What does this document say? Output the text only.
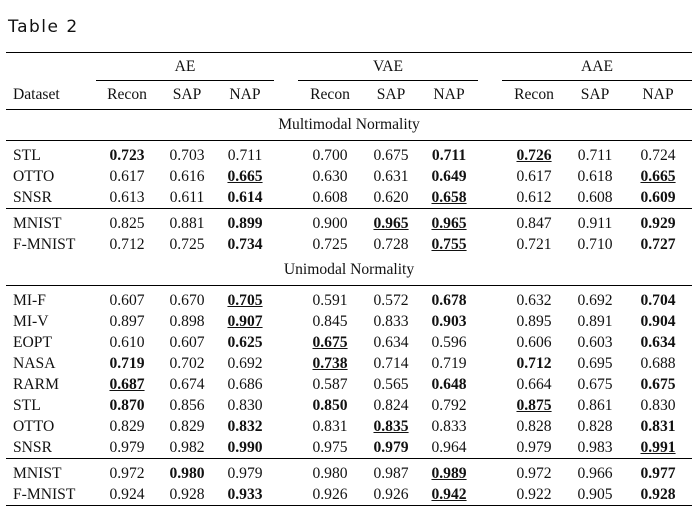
Table 2

	AE				VAE				AAE		

Dataset	Recon	SAP	NAP		Recon	SAP	NAP		Recon	SAP	NAP
Multimodal Normality											

STL	0.723	0.703	0.711		0.700	0.675	0.711		0.726	0.711	0.724
OTTO	0.617	0.616	0.665		0.630	0.631	0.649		0.617	0.618	0.665
SNSR	0.613	0.611	0.614		0.608	0.620	0.658		0.612	0.608	0.609

MNIST	0.825	0.881	0.899		0.900	0.965	0.965		0.847	0.911	0.929
F-MNIST	0.712	0.725	0.734		0.725	0.728	0.755		0.721	0.710	0.727
Unimodal Normality											

MI-F	0.607	0.670	0.705		0.591	0.572	0.678		0.632	0.692	0.704
MI-V	0.897	0.898	0.907		0.845	0.833	0.903		0.895	0.891	0.904
EOPT	0.610	0.607	0.625		0.675	0.634	0.596		0.606	0.603	0.634
NASA	0.719	0.702	0.692		0.738	0.714	0.719		0.712	0.695	0.688
RARM	0.687	0.674	0.686		0.587	0.565	0.648		0.664	0.675	0.675
STL	0.870	0.856	0.830		0.850	0.824	0.792		0.875	0.861	0.830
OTTO	0.829	0.829	0.832		0.831	0.835	0.833		0.828	0.828	0.831
SNSR	0.979	0.982	0.990		0.975	0.979	0.964		0.979	0.983	0.991

MNIST	0.972	0.980	0.979		0.980	0.987	0.989		0.972	0.966	0.977
F-MNIST	0.924	0.928	0.933		0.926	0.926	0.942		0.922	0.905	0.928
